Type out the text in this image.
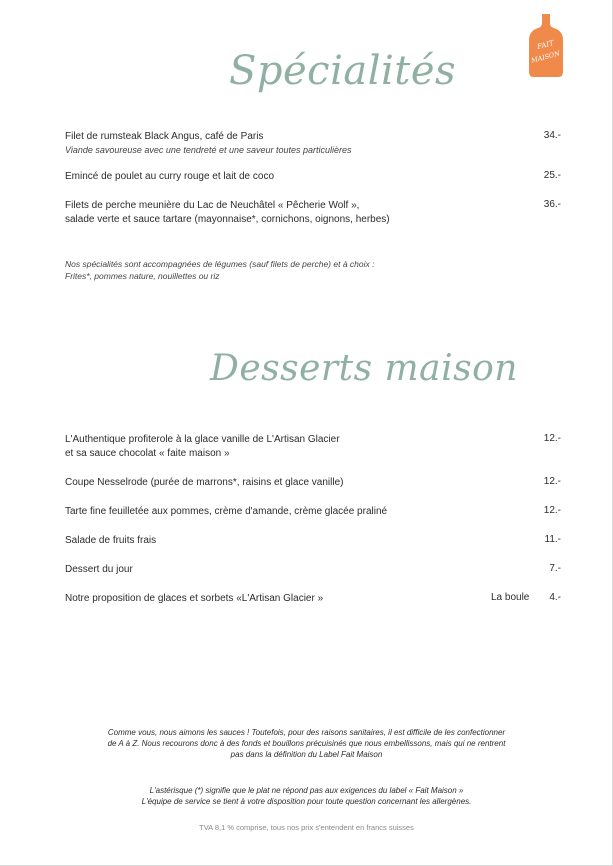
FAIT
MAISON
Spécialités
Filet de rumsteak Black Angus, café de Paris
Viande savoureuse avec une tendreté et une saveur toutes particulières
34.-
Emincé de poulet au curry rouge et lait de coco	25.-
Filets de perche meunière du Lac de Neuchâtel « Pêcherie Wolf »,
salade verte et sauce tartare (mayonnaise*, cornichons, oignons, herbes)
36.-
Nos spécialités sont accompagnées de légumes (sauf filets de perche) et à choix :
Frites*, pommes nature, nouillettes ou riz
Desserts maison
L'Authentique profiterole à la glace vanille de L'Artisan Glacier
et sa sauce chocolat « faite maison »
12.-
Coupe Nesselrode (purée de marrons*, raisins et glace vanille)	12.-
Tarte fine feuilletée aux pommes, crème d'amande, crème glacée praliné	12.-
Salade de fruits frais	11.-
Dessert du jour	7.-
Notre proposition de glaces et sorbets «L'Artisan Glacier »	La boule 4.-
Comme vous, nous aimons les sauces ! Toutefois, pour des raisons sanitaires, il est difficile de les confectionner
de A à Z. Nous recourons donc à des fonds et bouillons précuisinés que nous embellissons, mais qui ne rentrent
pas dans la définition du Label Fait Maison
L'astérisque (*) signifie que le plat ne répond pas aux exigences du label « Fait Maison »
L'équipe de service se tient à votre disposition pour toute question concernant les allergènes.
TVA 8,1 % comprise, tous nos prix s'entendent en francs suisses
